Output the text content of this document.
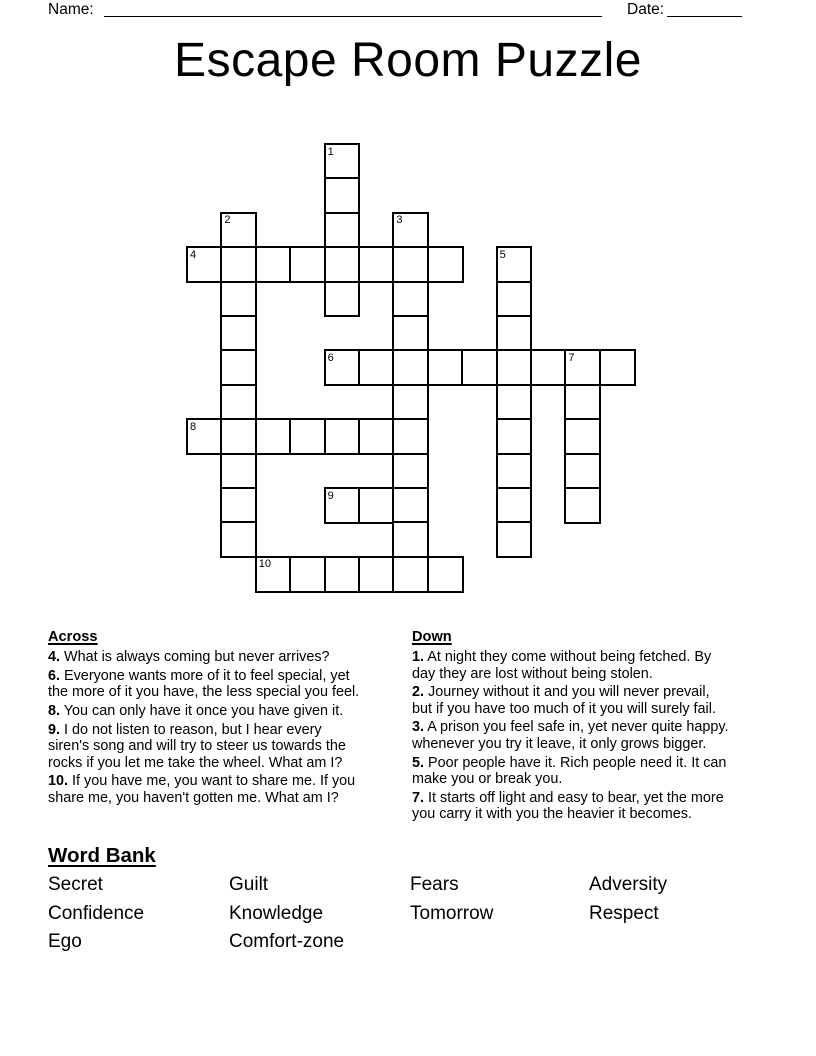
Name:	Date:
Escape Room Puzzle
1
2	3
4	5
6	7
8
9
10

Across

4. What is always coming but never arrives?

6. Everyone wants more of it to feel special, yet the more of it you have, the less special you feel.

8. You can only have it once you have given it.

9. I do not listen to reason, but I hear every siren's song and will try to steer us towards the rocks if you let me take the wheel. What am I?

10. If you have me, you want to share me. If you share me, you haven't gotten me. What am I?

Down

1. At night they come without being fetched. By day they are lost without being stolen.

2. Journey without it and you will never prevail, but if you have too much of it you will surely fail.

3. A prison you feel safe in, yet never quite happy. whenever you try it leave, it only grows bigger.

5. Poor people have it. Rich people need it. It can make you or break you.

7. It starts off light and easy to bear, yet the more you carry it with you the heavier it becomes.

Word Bank
Secret
Confidence
Ego
Guilt
Knowledge
Comfort-zone
Fears
Tomorrow
Adversity
Respect
